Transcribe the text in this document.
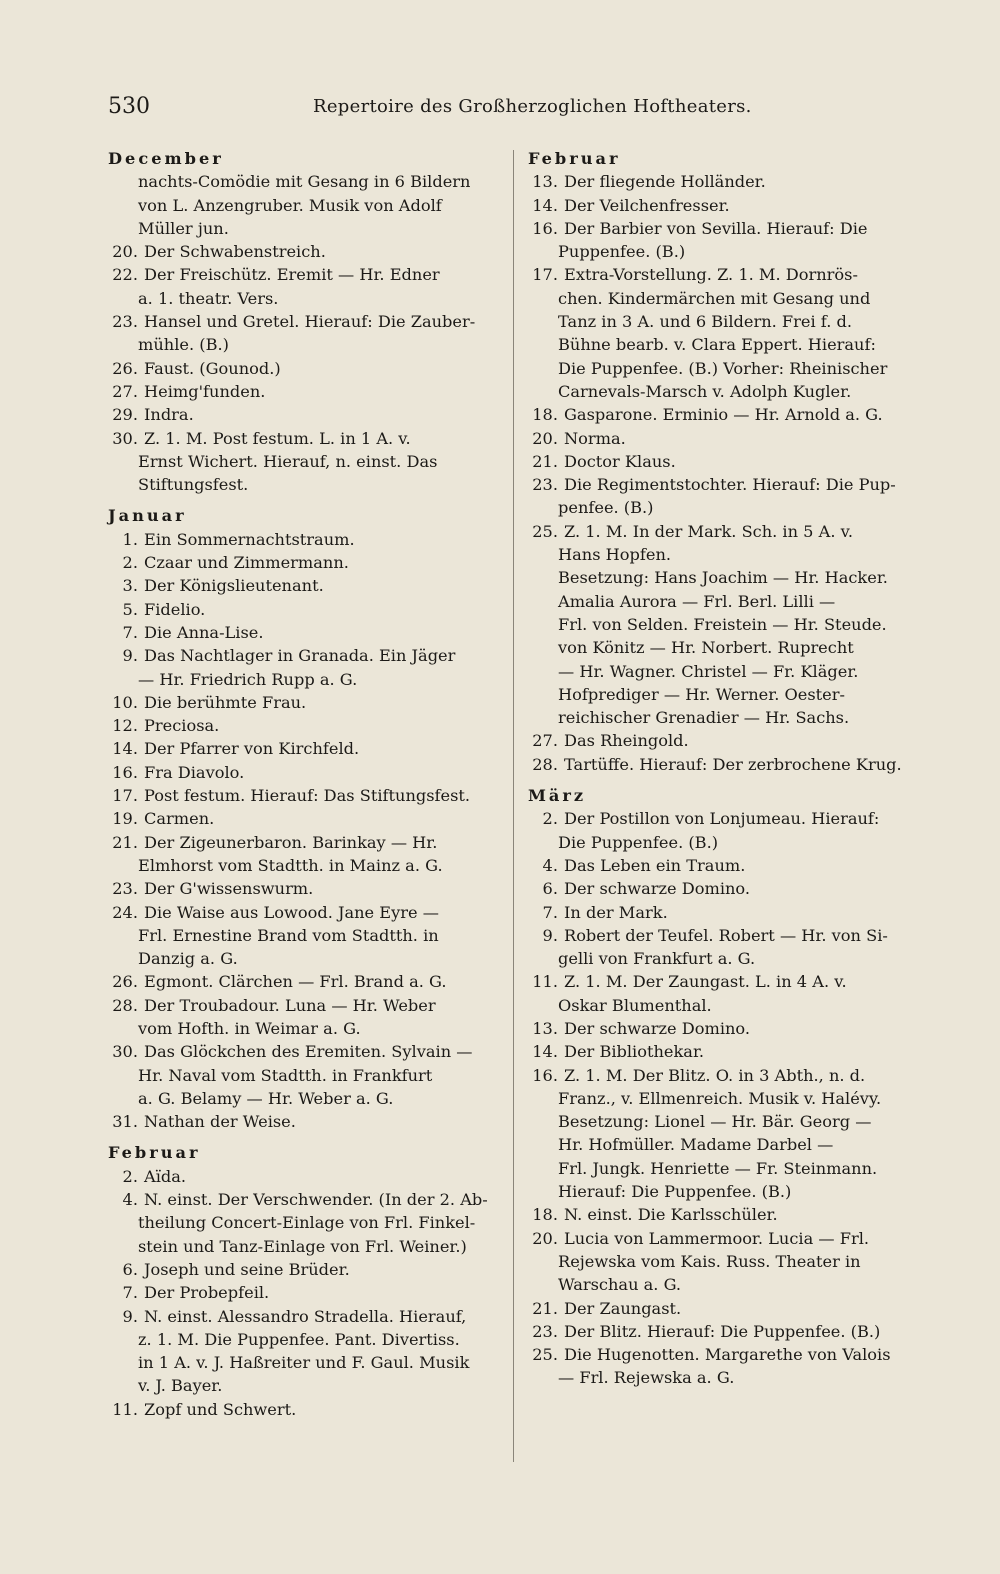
530	Repertoire des Großherzoglichen Hoftheaters.
December
nachts-Comödie mit Gesang in 6 Bildern
von L. Anzengruber. Musik von Adolf
Müller jun.
20. Der Schwabenstreich.
22. Der Freischütz. Eremit — Hr. Edner
a. 1. theatr. Vers.
23. Hansel und Gretel. Hierauf: Die Zauber-
mühle. (B.)
26. Faust. (Gounod.)
27. Heimg'funden.
29. Indra.
30. Z. 1. M. Post festum. L. in 1 A. v.
Ernst Wichert. Hierauf, n. einst. Das
Stiftungsfest.
Januar
1. Ein Sommernachtstraum.
2. Czaar und Zimmermann.
3. Der Königslieutenant.
5. Fidelio.
7. Die Anna-Lise.
9. Das Nachtlager in Granada. Ein Jäger
— Hr. Friedrich Rupp a. G.
10. Die berühmte Frau.
12. Preciosa.
14. Der Pfarrer von Kirchfeld.
16. Fra Diavolo.
17. Post festum. Hierauf: Das Stiftungsfest.
19. Carmen.
21. Der Zigeunerbaron. Barinkay — Hr.
Elmhorst vom Stadtth. in Mainz a. G.
23. Der G'wissenswurm.
24. Die Waise aus Lowood. Jane Eyre —
Frl. Ernestine Brand vom Stadtth. in
Danzig a. G.
26. Egmont. Clärchen — Frl. Brand a. G.
28. Der Troubadour. Luna — Hr. Weber
vom Hofth. in Weimar a. G.
30. Das Glöckchen des Eremiten. Sylvain —
Hr. Naval vom Stadtth. in Frankfurt
a. G. Belamy — Hr. Weber a. G.
31. Nathan der Weise.
Februar
2. Aïda.
4. N. einst. Der Verschwender. (In der 2. Ab-
theilung Concert-Einlage von Frl. Finkel-
stein und Tanz-Einlage von Frl. Weiner.)
6. Joseph und seine Brüder.
7. Der Probepfeil.
9. N. einst. Alessandro Stradella. Hierauf,
z. 1. M. Die Puppenfee. Pant. Divertiss.
in 1 A. v. J. Haßreiter und F. Gaul. Musik
v. J. Bayer.
11. Zopf und Schwert.
Februar
13. Der fliegende Holländer.
14. Der Veilchenfresser.
16. Der Barbier von Sevilla. Hierauf: Die
Puppenfee. (B.)
17. Extra-Vorstellung. Z. 1. M. Dornrös-
chen. Kindermärchen mit Gesang und
Tanz in 3 A. und 6 Bildern. Frei f. d.
Bühne bearb. v. Clara Eppert. Hierauf:
Die Puppenfee. (B.) Vorher: Rheinischer
Carnevals-Marsch v. Adolph Kugler.
18. Gasparone. Erminio — Hr. Arnold a. G.
20. Norma.
21. Doctor Klaus.
23. Die Regimentstochter. Hierauf: Die Pup-
penfee. (B.)
25. Z. 1. M. In der Mark. Sch. in 5 A. v.
Hans Hopfen.
Besetzung: Hans Joachim — Hr. Hacker.
Amalia Aurora — Frl. Berl. Lilli —
Frl. von Selden. Freistein — Hr. Steude.
von Könitz — Hr. Norbert. Ruprecht
— Hr. Wagner. Christel — Fr. Kläger.
Hofprediger — Hr. Werner. Oester-
reichischer Grenadier — Hr. Sachs.
27. Das Rheingold.
28. Tartüffe. Hierauf: Der zerbrochene Krug.
März
2. Der Postillon von Lonjumeau. Hierauf:
Die Puppenfee. (B.)
4. Das Leben ein Traum.
6. Der schwarze Domino.
7. In der Mark.
9. Robert der Teufel. Robert — Hr. von Si-
gelli von Frankfurt a. G.
11. Z. 1. M. Der Zaungast. L. in 4 A. v.
Oskar Blumenthal.
13. Der schwarze Domino.
14. Der Bibliothekar.
16. Z. 1. M. Der Blitz. O. in 3 Abth., n. d.
Franz., v. Ellmenreich. Musik v. Halévy.
Besetzung: Lionel — Hr. Bär. Georg —
Hr. Hofmüller. Madame Darbel —
Frl. Jungk. Henriette — Fr. Steinmann.
Hierauf: Die Puppenfee. (B.)
18. N. einst. Die Karlsschüler.
20. Lucia von Lammermoor. Lucia — Frl.
Rejewska vom Kais. Russ. Theater in
Warschau a. G.
21. Der Zaungast.
23. Der Blitz. Hierauf: Die Puppenfee. (B.)
25. Die Hugenotten. Margarethe von Valois
— Frl. Rejewska a. G.
